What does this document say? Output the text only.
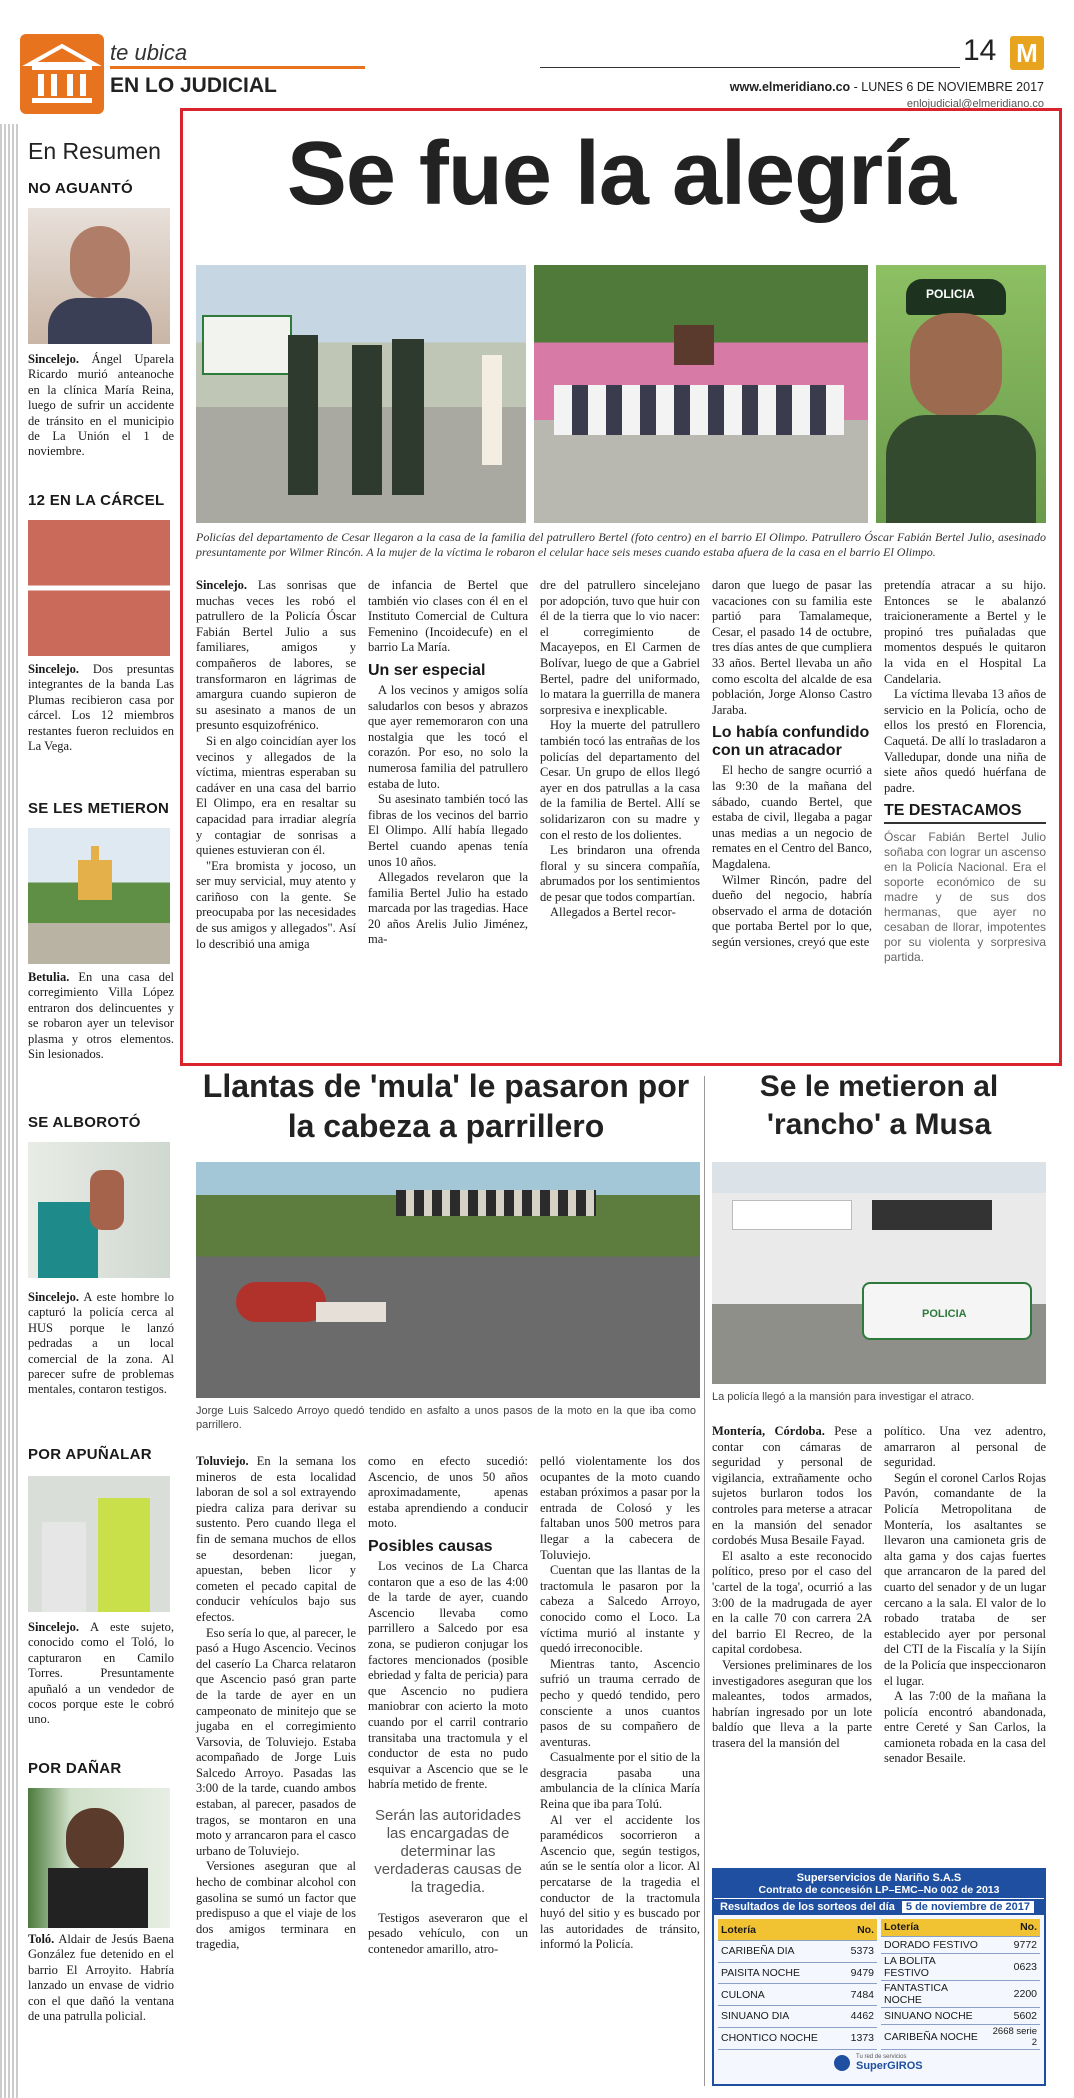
te ubica
EN LO JUDICIAL
14 M
www.elmeridiano.co - LUNES 6 DE NOVIEMBRE 2017
enlojudicial@elmeridiano.co
En Resumen
NO AGUANTÓ

Sincelejo. Ángel Uparela Ricardo murió anteanoche en la clínica María Reina, luego de sufrir un accidente de tránsito en el municipio de La Unión el 1 de noviembre.

12 EN LA CÁRCEL

Sincelejo. Dos presuntas integrantes de la banda Las Plumas recibieron casa por cárcel. Los 12 miembros restantes fueron recluidos en La Vega.

SE LES METIERON

Betulia. En una casa del corregimiento Villa López entraron dos delincuentes y se robaron ayer un televisor plasma y otros elementos. Sin lesionados.

SE ALBOROTÓ

Sincelejo. A este hombre lo capturó la policía cerca al HUS porque le lanzó pedradas a un local comercial de la zona. Al parecer sufre de problemas mentales, contaron testigos.

POR APUÑALAR

Sincelejo. A este sujeto, conocido como el Toló, lo capturaron en Camilo Torres. Presuntamente apuñaló a un vendedor de cocos porque este le cobró uno.

POR DAÑAR

Toló. Aldair de Jesús Baena González fue detenido en el barrio El Arroyito. Habría lanzado un envase de vidrio con el que dañó la ventana de una patrulla policial.

Se fue la alegría
POLICIA

Policías del departamento de Cesar llegaron a la casa de la familia del patrullero Bertel (foto centro) en el barrio El Olimpo. Patrullero Óscar Fabián Bertel Julio, asesinado presuntamente por Wilmer Rincón. A la mujer de la víctima le robaron el celular hace seis meses cuando estaba afuera de la casa en el barrio El Olimpo.

Sincelejo. Las sonrisas que muchas veces les robó el patrullero de la Policía Óscar Fabián Bertel Julio a sus familiares, amigos y compañeros de labores, se transformaron en lágrimas de amargura cuando supieron de su asesinato a manos de un presunto esquizofrénico.

Si en algo coincidían ayer los vecinos y allegados de la víctima, mientras esperaban su cadáver en una casa del barrio El Olimpo, era en resaltar su capacidad para irradiar alegría y contagiar de sonrisas a quienes estuvieran con él.

"Era bromista y jocoso, un ser muy servicial, muy atento y cariñoso con la gente. Se preocupaba por las necesidades de sus amigos y allegados". Así lo describió una amiga

de infancia de Bertel que también vio clases con él en el Instituto Comercial de Cultura Femenino (Incoidecufe) en el barrio La María.

Un ser especial

A los vecinos y amigos solía saludarlos con besos y abrazos que ayer rememoraron con una nostalgia que les tocó el corazón. Por eso, no solo la numerosa familia del patrullero estaba de luto.

Su asesinato también tocó las fibras de los vecinos del barrio El Olimpo. Allí había llegado Bertel cuando apenas tenía unos 10 años.

Allegados revelaron que la familia Bertel Julio ha estado marcada por las tragedias. Hace 20 años Arelis Julio Jiménez, ma-

dre del patrullero sincelejano por adopción, tuvo que huir con él de la tierra que lo vio nacer: el corregimiento de Macayepos, en El Carmen de Bolívar, luego de que a Gabriel Bertel, padre del uniformado, lo matara la guerrilla de manera sorpresiva e inexplicable.

Hoy la muerte del patrullero también tocó las entrañas de los policías del departamento del Cesar. Un grupo de ellos llegó ayer en dos patrullas a la casa de la familia de Bertel. Allí se solidarizaron con su madre y con el resto de los dolientes.

Les brindaron una ofrenda floral y su sincera compañía, abrumados por los sentimientos de pesar que todos compartían.

Allegados a Bertel recor-

daron que luego de pasar las vacaciones con su familia este partió para Tamalameque, Cesar, el pasado 14 de octubre, tres días antes de que cumpliera 33 años. Bertel llevaba un año como escolta del alcalde de esa población, Jorge Alonso Castro Jaraba.

Lo había confundido con un atracador

El hecho de sangre ocurrió a las 9:30 de la mañana del sábado, cuando Bertel, que estaba de civil, llegaba a pagar unas medias a un negocio de remates en el Centro del Banco, Magdalena.

Wilmer Rincón, padre del dueño del negocio, habría observado el arma de dotación que portaba Bertel por lo que, según versiones, creyó que este

pretendía atracar a su hijo. Entonces se le abalanzó traicioneramente a Bertel y le propinó tres puñaladas que momentos después le quitaron la vida en el Hospital La Candelaria.

La víctima llevaba 13 años de servicio en la Policía, ocho de ellos los prestó en Florencia, Caquetá. De allí lo trasladaron a Valledupar, donde una niña de siete años quedó huérfana de padre.

TE DESTACAMOS

Óscar Fabián Bertel Julio soñaba con lograr un ascenso en la Policía Nacional. Era el soporte económico de su madre y de sus dos hermanas, que ayer no cesaban de llorar, impotentes por su violenta y sorpresiva partida.

Llantas de 'mula' le pasaron por la cabeza a parrillero

Jorge Luis Salcedo Arroyo quedó tendido en asfalto a unos pasos de la moto en la que iba como parrillero.

Toluviejo. En la semana los mineros de esta localidad laboran de sol a sol extrayendo piedra caliza para derivar su sustento. Pero cuando llega el fin de semana muchos de ellos se desordenan: juegan, apuestan, beben licor y cometen el pecado capital de conducir vehículos bajo sus efectos.

Eso sería lo que, al parecer, le pasó a Hugo Ascencio. Vecinos del caserío La Charca relataron que Ascencio pasó gran parte de la tarde de ayer en un campeonato de minitejo que se jugaba en el corregimiento Varsovia, de Toluviejo. Estaba acompañado de Jorge Luis Salcedo Arroyo. Pasadas las 3:00 de la tarde, cuando ambos estaban, al parecer, pasados de tragos, se montaron en una moto y arrancaron para el casco urbano de Toluviejo.

Versiones aseguran que al hecho de combinar alcohol con gasolina se sumó un factor que predispuso a que el viaje de los dos amigos terminara en tragedia,

como en efecto sucedió: Ascencio, de unos 50 años aproximadamente, apenas estaba aprendiendo a conducir moto.

Posibles causas

Los vecinos de La Charca contaron que a eso de las 4:00 de la tarde de ayer, cuando Ascencio llevaba como parrillero a Salcedo por esa zona, se pudieron conjugar los factores mencionados (posible ebriedad y falta de pericia) para que Ascencio no pudiera maniobrar con acierto la moto cuando por el carril contrario transitaba una tractomula y el conductor de esta no pudo esquivar a Ascencio que se le habría metido de frente.

Serán las autoridades las encargadas de determinar las verdaderas causas de la tragedia.

Testigos aseveraron que el pesado vehículo, con un contenedor amarillo, atro-

pelló violentamente los dos ocupantes de la moto cuando estaban próximos a pasar por la entrada de Colosó y les faltaban unos 500 metros para llegar a la cabecera de Toluviejo.

Cuentan que las llantas de la tractomula le pasaron por la cabeza a Salcedo Arroyo, conocido como el Loco. La víctima murió al instante y quedó irreconocible.

Mientras tanto, Ascencio sufrió un trauma cerrado de pecho y quedó tendido, pero consciente a unos cuantos pasos de su compañero de aventuras.

Casualmente por el sitio de la desgracia pasaba una ambulancia de la clínica María Reina que iba para Tolú.

Al ver el accidente los paramédicos socorrieron a Ascencio que, según testigos, aún se le sentía olor a licor. Al percatarse de la tragedia el conductor de la tractomula huyó del sitio y es buscado por las autoridades de tránsito, informó la Policía.

Se le metieron al 'rancho' a Musa
POLICIA

La policía llegó a la mansión para investigar el atraco.

Montería, Córdoba. Pese a contar con cámaras de seguridad y personal de vigilancia, extrañamente ocho sujetos burlaron todos los controles para meterse a atracar en la mansión del senador cordobés Musa Besaile Fayad.

El asalto a este reconocido político, preso por el caso del 'cartel de la toga', ocurrió a las 3:00 de la madrugada de ayer en la calle 70 con carrera 2A del barrio El Recreo, de la capital cordobesa.

Versiones preliminares de los investigadores aseguran que los maleantes, todos armados, habrían ingresado por un lote baldío que lleva a la parte trasera del la mansión del

político. Una vez adentro, amarraron al personal de seguridad.

Según el coronel Carlos Rojas Pavón, comandante de la Policía Metropolitana de Montería, los asaltantes se llevaron una camioneta gris de alta gama y dos cajas fuertes que arrancaron de la pared del cuarto del senador y de un lugar cercano a la sala. El valor de lo robado trataba de ser establecido ayer por personal del CTI de la Fiscalía y la Sijín de la Policía que inspeccionaron el lugar.

A las 7:00 de la mañana la policía encontró abandonada, entre Cereté y San Carlos, la camioneta robada en la casa del senador Besaile.

Superservicios de Nariño S.A.S
Contrato de concesión LP–EMC–No 002 de 2013
Resultados de los sorteos del día 5 de noviembre de 2017
Lotería	No.
CARIBEÑA DIA	5373
PAISITA NOCHE	9479
CULONA	7484
SINUANO DIA	4462
CHONTICO NOCHE	1373
Lotería	No.
DORADO FESTIVO	9772
LA BOLITA FESTIVO	0623
FANTASTICA NOCHE	2200
SINUANO NOCHE	5602
CARIBEÑA NOCHE	2668 serie 2
Tu red de servicios
SuperGIROS
